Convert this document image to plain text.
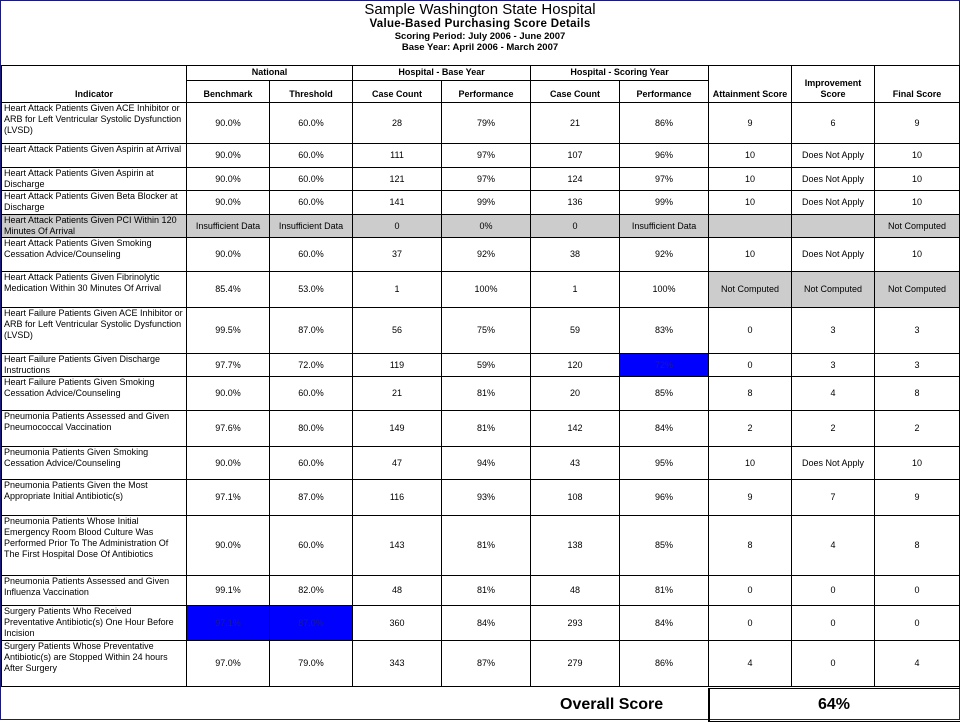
Sample Washington State Hospital
Value-Based Purchasing Score Details
Scoring Period: July 2006 - June 2007
Base Year: April 2006 - March 2007
Indicator	National		Hospital - Base Year		Hospital - Scoring Year		Attainment Score	Improvement Score	Final Score
	Benchmark	Threshold	Case Count	Performance	Case Count	Performance			
Heart Attack Patients Given ACE Inhibitor or ARB for Left Ventricular Systolic Dysfunction (LVSD)	90.0%	60.0%	28	79%	21	86%	9	6	9
Heart Attack Patients Given Aspirin at Arrival	90.0%	60.0%	111	97%	107	96%	10	Does Not Apply	10
Heart Attack Patients Given Aspirin at Discharge	90.0%	60.0%	121	97%	124	97%	10	Does Not Apply	10
Heart Attack Patients Given Beta Blocker at Discharge	90.0%	60.0%	141	99%	136	99%	10	Does Not Apply	10
Heart Attack Patients Given PCI Within 120 Minutes Of Arrival	Insufficient Data	Insufficient Data	0	0%	0	Insufficient Data			Not Computed
Heart Attack Patients Given Smoking Cessation Advice/Counseling	90.0%	60.0%	37	92%	38	92%	10	Does Not Apply	10
Heart Attack Patients Given Fibrinolytic Medication Within 30 Minutes Of Arrival	85.4%	53.0%	1	100%	1	100%	Not Computed	Not Computed	Not Computed
Heart Failure Patients Given ACE Inhibitor or ARB for Left Ventricular Systolic Dysfunction (LVSD)	99.5%	87.0%	56	75%	59	83%	0	3	3
Heart Failure Patients Given Discharge Instructions	97.7%	72.0%	119	59%	120	72%	0	3	3
Heart Failure Patients Given Smoking Cessation Advice/Counseling	90.0%	60.0%	21	81%	20	85%	8	4	8
Pneumonia Patients Assessed and Given Pneumococcal Vaccination	97.6%	80.0%	149	81%	142	84%	2	2	2
Pneumonia Patients Given Smoking Cessation Advice/Counseling	90.0%	60.0%	47	94%	43	95%	10	Does Not Apply	10
Pneumonia Patients Given the Most Appropriate Initial Antibiotic(s)	97.1%	87.0%	116	93%	108	96%	9	7	9
Pneumonia Patients Whose Initial Emergency Room Blood Culture Was Performed Prior To The Administration Of The First Hospital Dose Of Antibiotics	90.0%	60.0%	143	81%	138	85%	8	4	8
Pneumonia Patients Assessed and Given Influenza Vaccination	99.1%	82.0%	48	81%	48	81%	0	0	0
Surgery Patients Who Received Preventative Antibiotic(s) One Hour Before Incision	97.1%	87.0%	360	84%	293	84%	0	0	0
Surgery Patients Whose Preventative Antibiotic(s) are Stopped Within 24 hours After Surgery	97.0%	79.0%	343	87%	279	86%	4	0	4
Overall Score	64%
